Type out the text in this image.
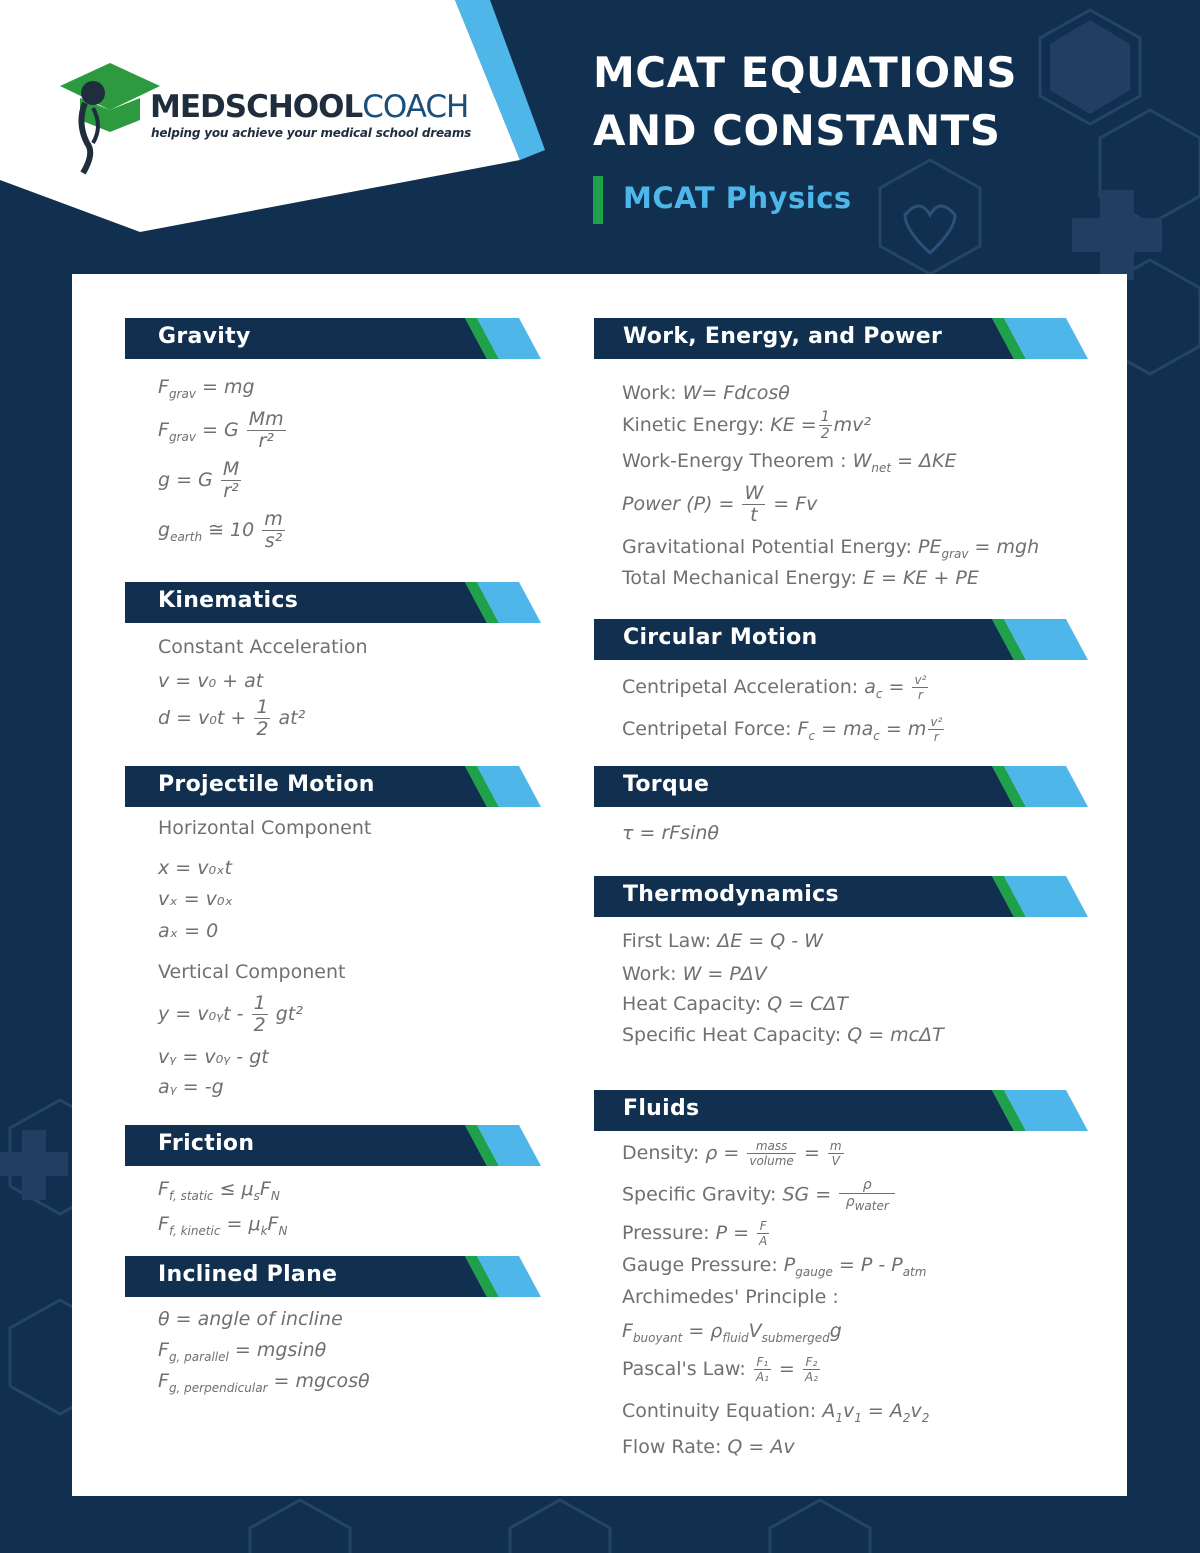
MEDSCHOOLCOACH
helping you achieve your medical school dreams
MCAT EQUATIONS
AND CONSTANTS
MCAT Physics
Gravity
$F_{grav}$ = mg
$F_{grav} = G \frac{Mm}{\text{r²}}$
g = G $\frac{M}{\text{r²}}$
$g_{earth}$ ≅ $10 \frac{m}{\text{s²}}$
Kinematics
Constant Acceleration
v = v₀ + at
$d = v_0t + \frac{1}{2} at^2$
Projectile Motion
Horizontal Component
x = v₀ₓt
vₓ = v₀ₓ
aₓ = 0
Vertical Component
y = v₀ᵧt - $\frac{1}{2} gt^2$
vᵧ = v₀ᵧ - gt
aᵧ = -g
Friction
$F_{f, static} \le \mu_sF_N$
$F_{f, kinetic} = \mu_kF_N$
Inclined Plane
θ = angle of incline
$F_{g, parallel} = mgsin\theta$
$F_{g, perpendicular} = mgcos\theta$
Work, Energy, and Power
Work: W= Fdcosθ
Kinetic Energy: KE = $\frac{1}{2} mv^2$
Work-Energy Theorem : $W_{net} = \Delta KE$
Power $(P) = \frac{W}{t} = Fv$
Gravitational Potential Energy: $PE_{grav}$ = mgh
Total Mechanical Energy: E = KE + PE
Circular Motion
Centripetal Acceleration: $a_c = \frac{\text{v²}}{r}$
Centripetal Force: $F_c = ma_c = m \frac{\text{v²}}{r}$
Torque
τ = rFsinθ
Thermodynamics
First Law: ΔE = Q - W
Work: W = PΔV
Heat Capacity: Q = CΔT
Specific Heat Capacity: Q = mcΔT
Fluids
Density: $\rho = \frac{\text{mass}}{\text{volume}} = \frac{m}{V}$
Specific Gravity: SG = $\frac{\rho}{\rho_{water}}$
Pressure: $P = \frac{F}{A}$
Gauge Pressure: $P_{gauge} = P - P_{atm}$
Archimedes' Principle :
$F_{buoyant} = \rho_{fluid}V_{submerged}g$
Pascal's Law: $\frac{\text{F₁}}{\text{A₁}} = \frac{\text{F₂}}{\text{A₂}}$
Continuity Equation: $A_1v_1 = A_2v_2$
Flow Rate: Q = Av
